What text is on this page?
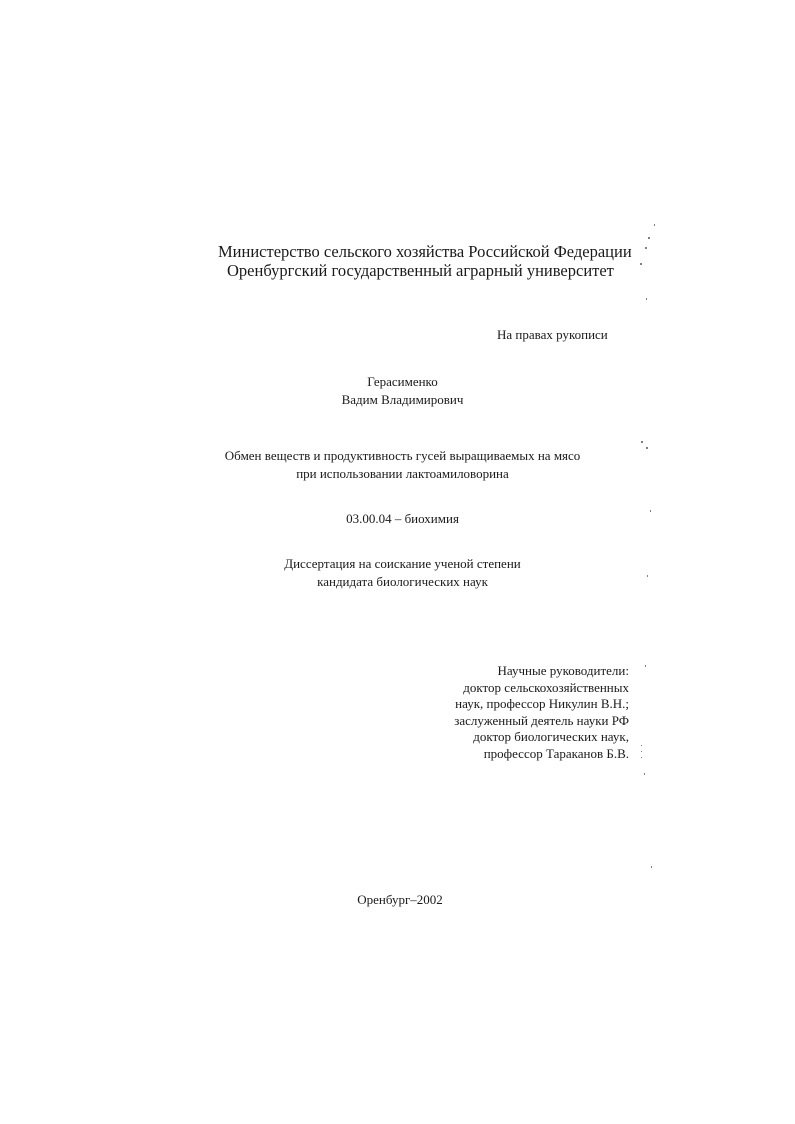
Министерство сельского хозяйства Российской Федерации
Оренбургский государственный аграрный университет
На правах рукописи
Герасименко
Вадим Владимирович
Обмен веществ и продуктивность гусей выращиваемых на мясо
при использовании лактоамиловорина
03.00.04 – биохимия
Диссертация на соискание ученой степени
кандидата биологических наук
Научные руководители:
доктор сельскохозяйственных
наук, профессор Никулин В.Н.;
заслуженный деятель науки РФ
доктор биологических наук,
профессор Тараканов Б.В.
Оренбург–2002
